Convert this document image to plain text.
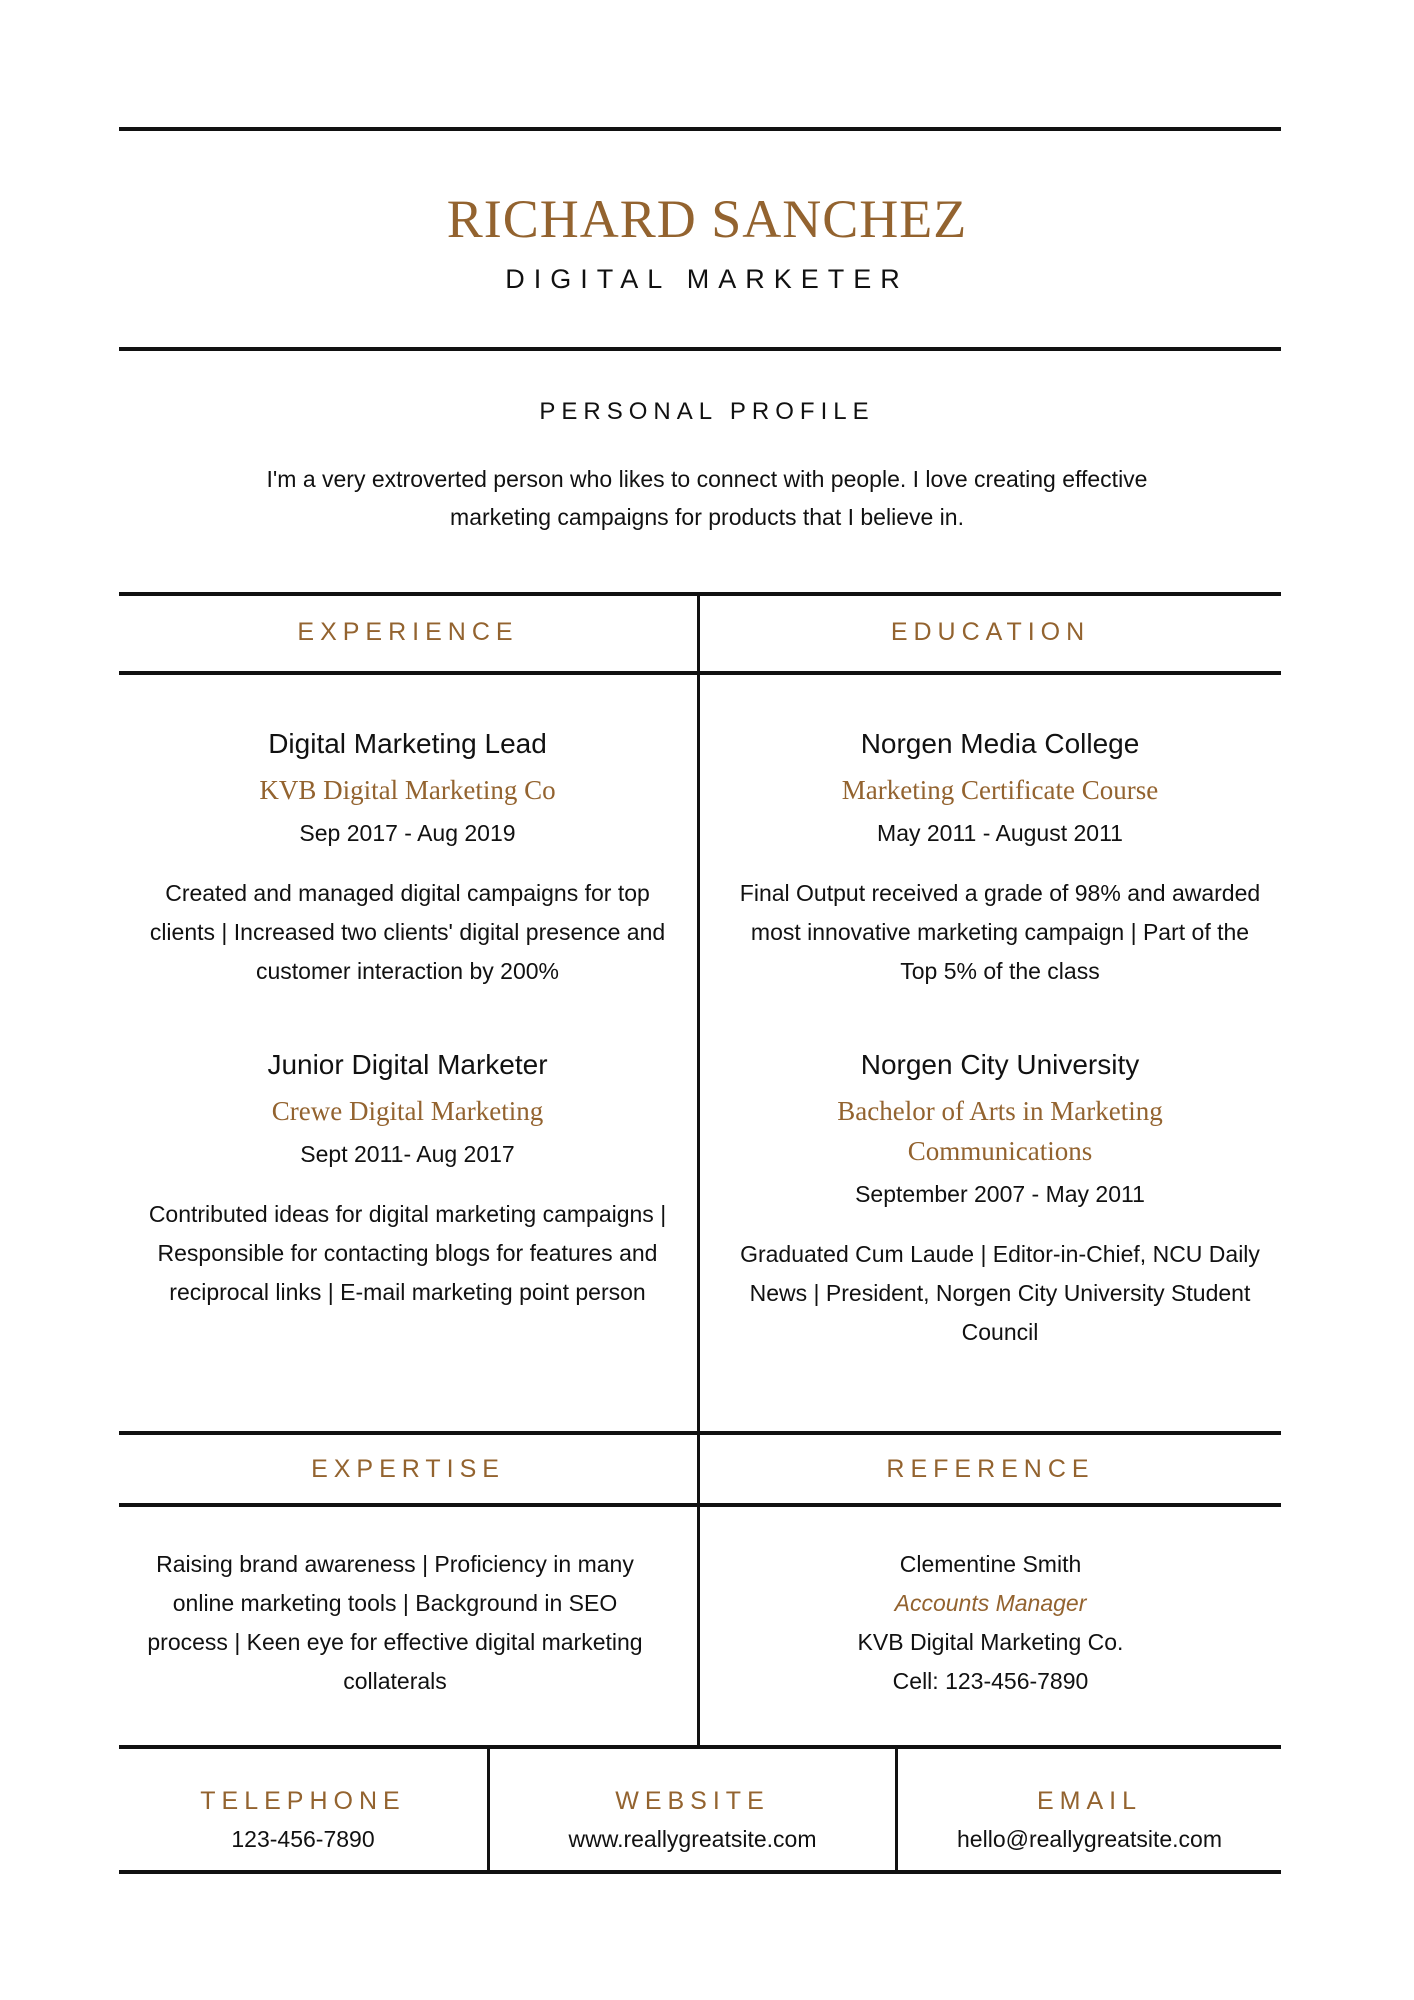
RICHARD SANCHEZ
DIGITAL MARKETER
PERSONAL PROFILE
I'm a very extroverted person who likes to connect with people. I love creating effective marketing campaigns for products that I believe in.
EXPERIENCE	EDUCATION
Digital Marketing Lead
KVB Digital Marketing Co
Sep 2017 - Aug 2019
Created and managed digital campaigns for top clients | Increased two clients' digital presence and customer interaction by 200%
Junior Digital Marketer
Crewe Digital Marketing
Sept 2011- Aug 2017
Contributed ideas for digital marketing campaigns | Responsible for contacting blogs for features and reciprocal links | E-mail marketing point person
Norgen Media College
Marketing Certificate Course
May 2011 - August 2011
Final Output received a grade of 98% and awarded most innovative marketing campaign | Part of the Top 5% of the class
Norgen City University
Bachelor of Arts in Marketing Communications
September 2007 - May 2011
Graduated Cum Laude | Editor-in-Chief, NCU Daily News | President, Norgen City University Student Council
EXPERTISE	REFERENCE
Raising brand awareness | Proficiency in many online marketing tools | Background in SEO process | Keen eye for effective digital marketing collaterals
Clementine Smith
Accounts Manager
KVB Digital Marketing Co.
Cell: 123-456-7890
TELEPHONE
123-456-7890
WEBSITE
www.reallygreatsite.com
EMAIL
hello@reallygreatsite.com
